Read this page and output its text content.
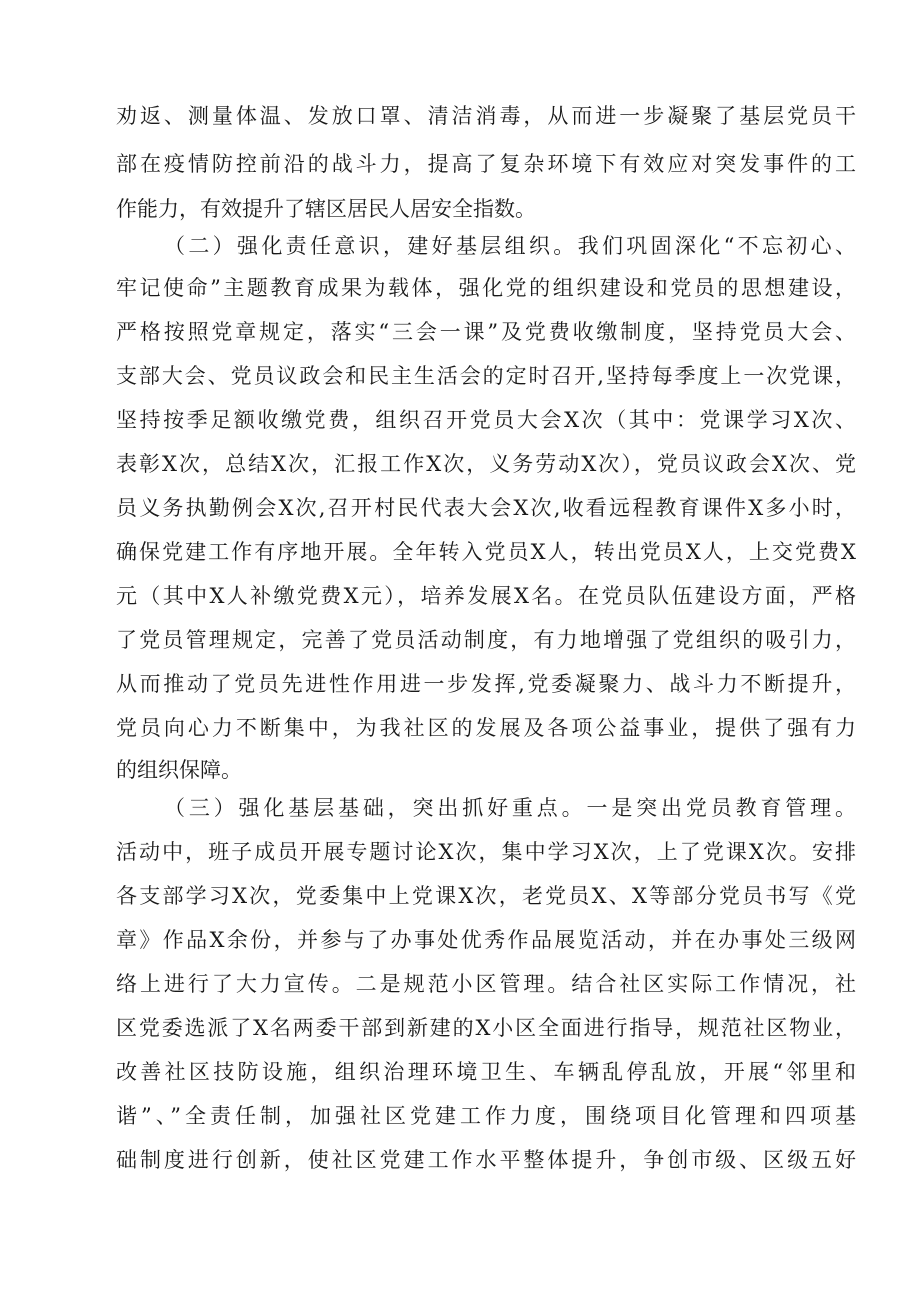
劝返、测量体温、发放口罩、清洁消毒，从而进一步凝聚了基层党员干
部在疫情防控前沿的战斗力，提高了复杂环境下有效应对突发事件的工
作能力，有效提升了辖区居民人居安全指数。
（二）强化责任意识，建好基层组织。我们巩固深化“不忘初心、
牢记使命”主题教育成果为载体，强化党的组织建设和党员的思想建设，
严格按照党章规定，落实“三会一课”及党费收缴制度，坚持党员大会、
支部大会、党员议政会和民主生活会的定时召开,坚持每季度上一次党课，
坚持按季足额收缴党费，组织召开党员大会X次（其中：党课学习X次、
表彰X次，总结X次，汇报工作X次，义务劳动X次），党员议政会X次、党
员义务执勤例会X次,召开村民代表大会X次,收看远程教育课件X多小时，
确保党建工作有序地开展。全年转入党员X人，转出党员X人，上交党费X
元（其中X人补缴党费X元），培养发展X名。在党员队伍建设方面，严格
了党员管理规定，完善了党员活动制度，有力地增强了党组织的吸引力，
从而推动了党员先进性作用进一步发挥,党委凝聚力、战斗力不断提升，
党员向心力不断集中，为我社区的发展及各项公益事业，提供了强有力
的组织保障。
（三）强化基层基础，突出抓好重点。一是突出党员教育管理。
活动中，班子成员开展专题讨论X次，集中学习X次，上了党课X次。安排
各支部学习X次，党委集中上党课X次，老党员X、X等部分党员书写《党
章》作品X余份，并参与了办事处优秀作品展览活动，并在办事处三级网
络上进行了大力宣传。二是规范小区管理。结合社区实际工作情况，社
区党委选派了X名两委干部到新建的X小区全面进行指导，规范社区物业，
改善社区技防设施，组织治理环境卫生、车辆乱停乱放，开展“邻里和
谐”、”全责任制，加强社区党建工作力度，围绕项目化管理和四项基
础制度进行创新，使社区党建工作水平整体提升，争创市级、区级五好
